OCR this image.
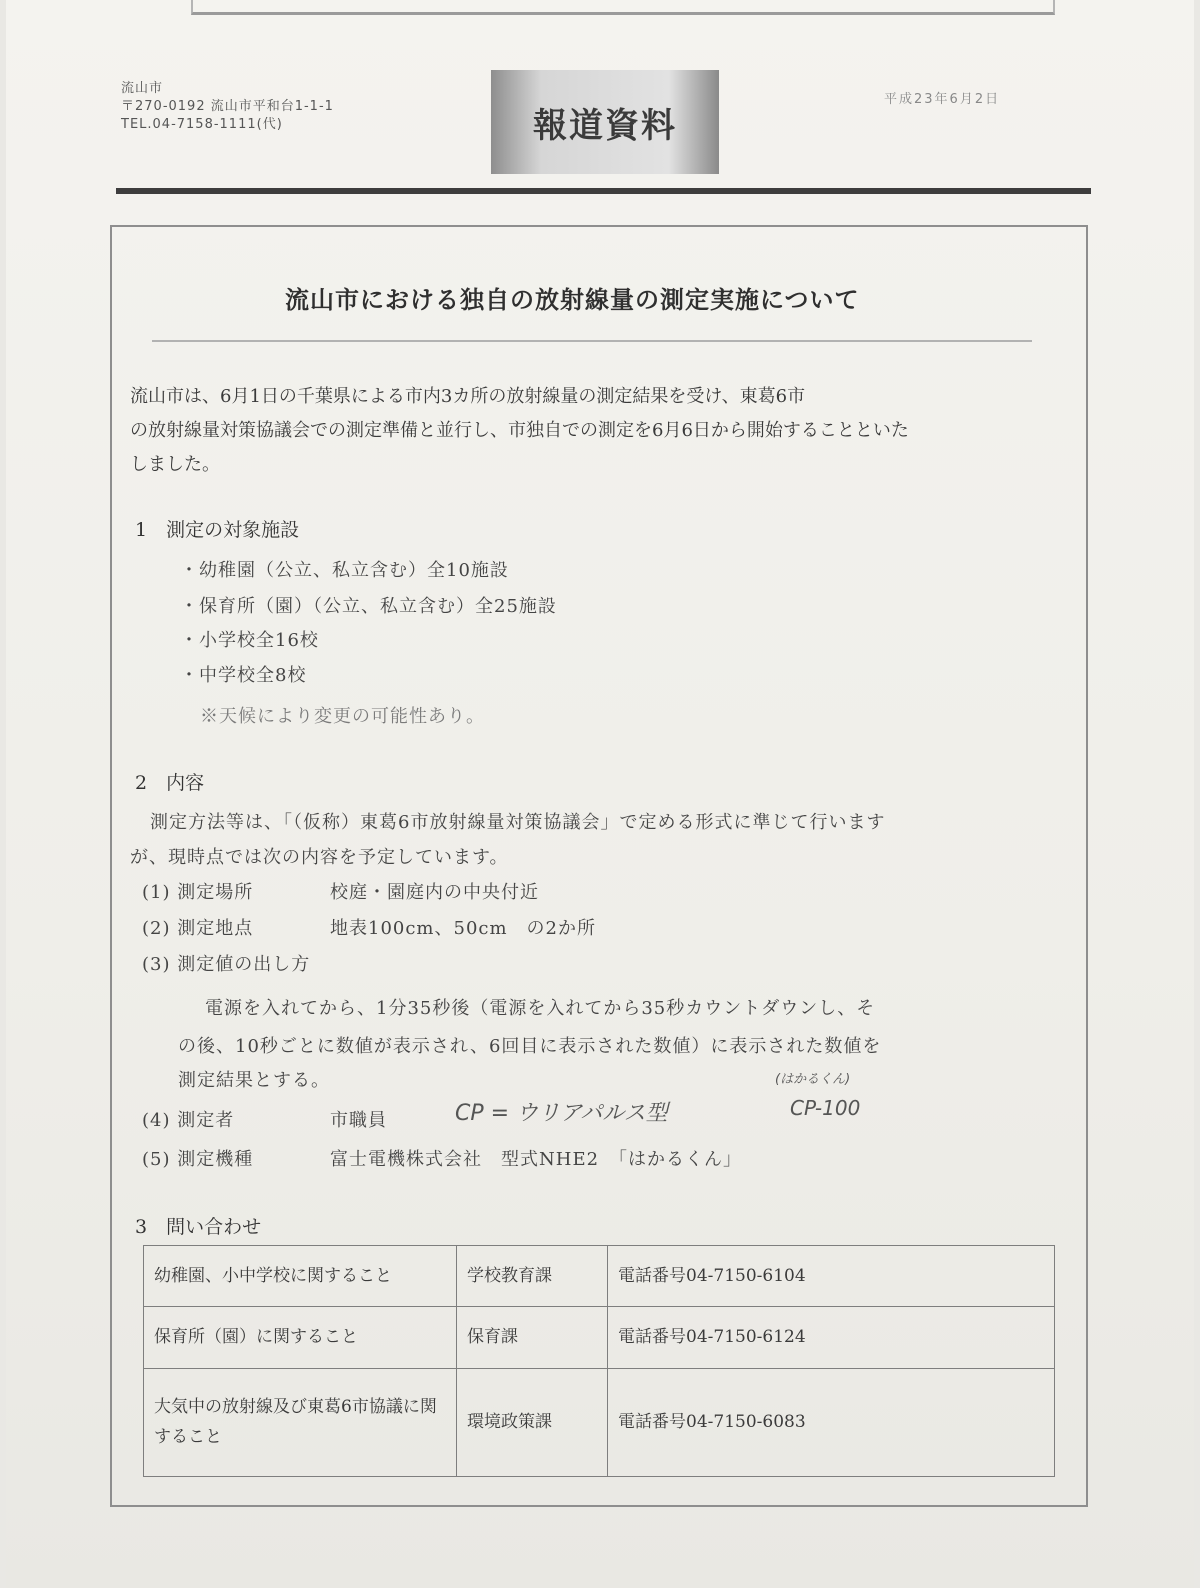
流山市
〒270-0192 流山市平和台1-1-1
TEL.04-7158-1111(代)	報道資料
平成23年6月2日
流山市における独自の放射線量の測定実施について
流山市は、6月1日の千葉県による市内3カ所の放射線量の測定結果を受け、東葛6市
の放射線量対策協議会での測定準備と並行し、市独自での測定を6月6日から開始することといた
しました。
1　測定の対象施設
・幼稚園（公立、私立含む）全10施設
・保育所（園）（公立、私立含む）全25施設
・小学校全16校
・中学校全8校
※天候により変更の可能性あり。
2　内容
測定方法等は、「（仮称）東葛6市放射線量対策協議会」で定める形式に準じて行います
が、現時点では次の内容を予定しています。
(1) 測定場所	校庭・園庭内の中央付近
(2) 測定地点	地表100cm、50cm　の2か所
(3) 測定値の出し方
電源を入れてから、1分35秒後（電源を入れてから35秒カウントダウンし、そ
の後、10秒ごとに数値が表示され、6回目に表示された数値）に表示された数値を
測定結果とする。
(4) 測定者	市職員	CP = ウリアパルス型
(はかるくん)
CP-100
(5) 測定機種	富士電機株式会社　型式NHE2　「はかるくん」
3　問い合わせ
幼稚園、小中学校に関すること	学校教育課	電話番号04-7150-6104
保育所（園）に関すること	保育課	電話番号04-7150-6124
大気中の放射線及び東葛6市協議に関すること	環境政策課	電話番号04-7150-6083
